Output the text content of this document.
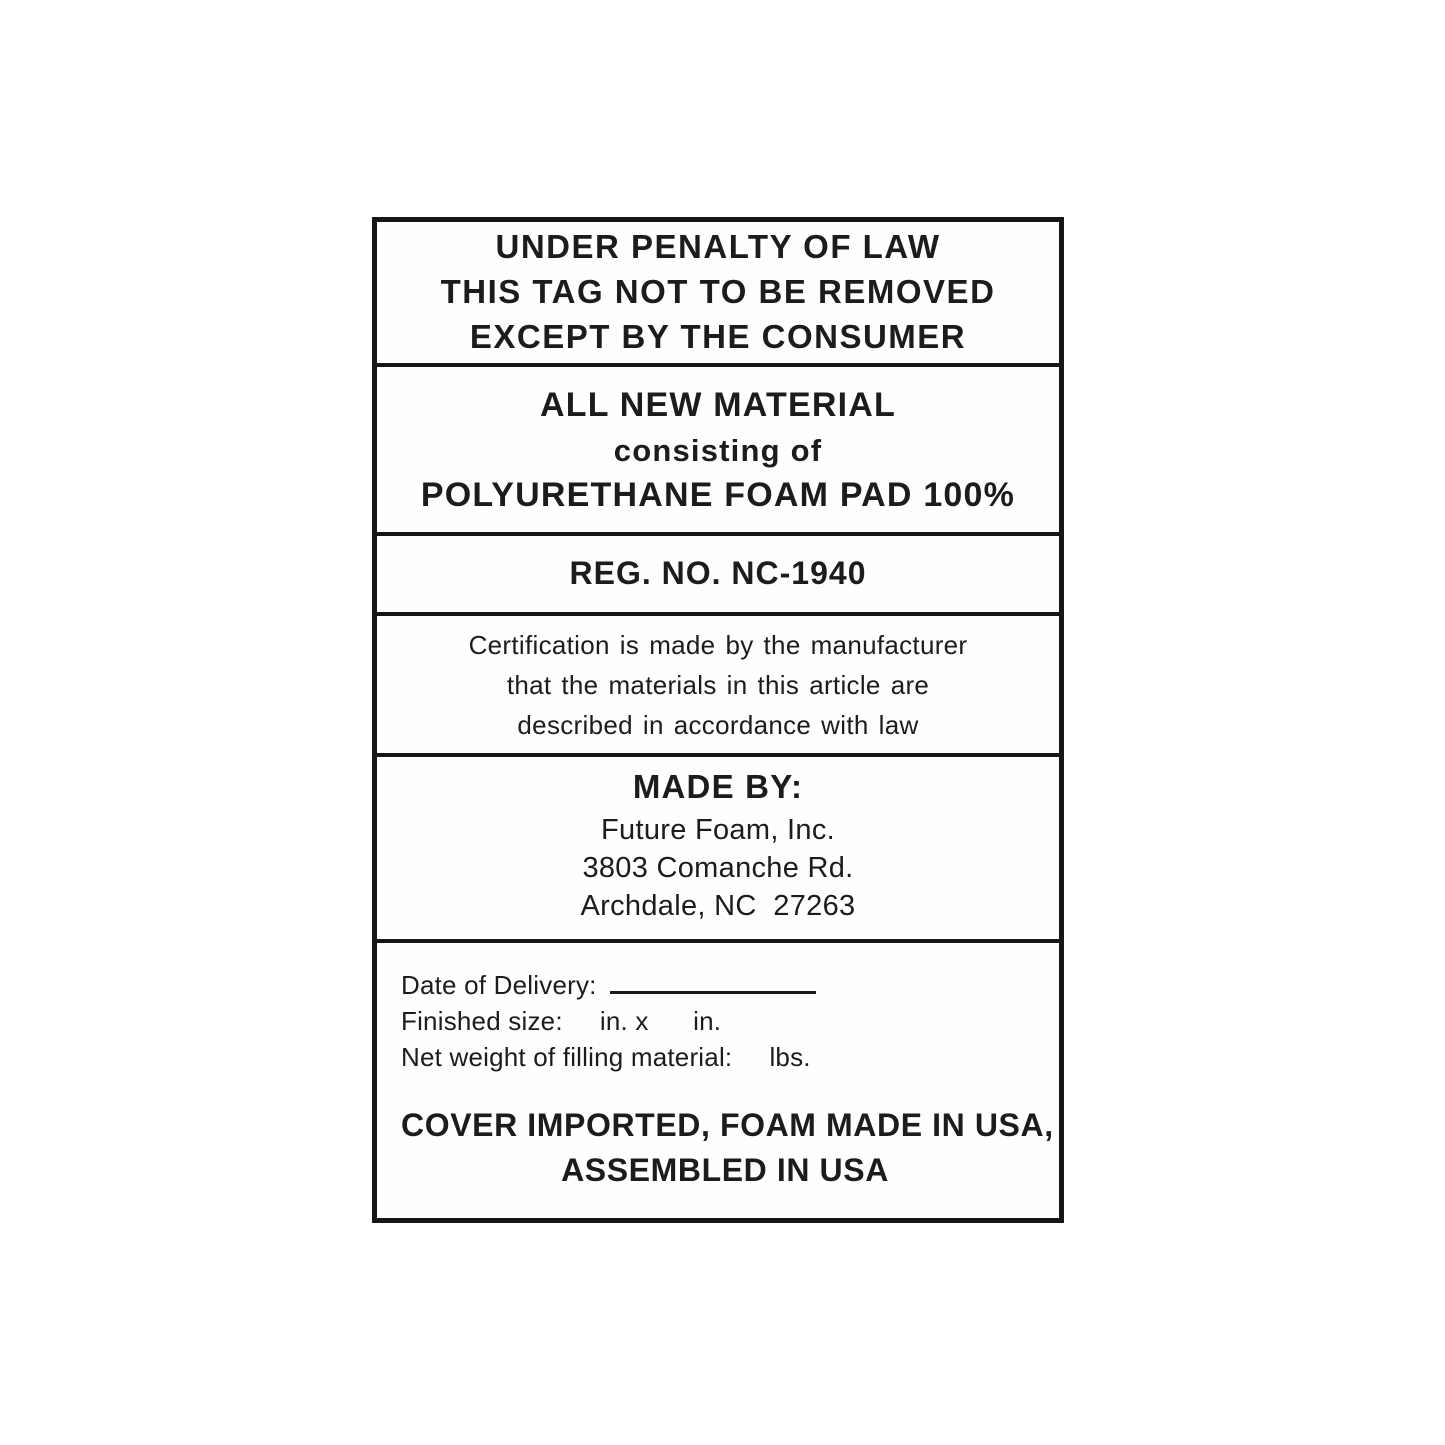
UNDER PENALTY OF LAW
THIS TAG NOT TO BE REMOVED
EXCEPT BY THE CONSUMER
ALL NEW MATERIAL
consisting of
POLYURETHANE FOAM PAD 100%
REG. NO. NC-1940
Certification is made by the manufacturer
that the materials in this article are
described in accordance with law
MADE BY:
Future Foam, Inc.
3803 Comanche Rd.
Archdale, NC  27263
Date of Delivery:
Finished size:     in. x      in.
Net weight of filling material:     lbs.
COVER IMPORTED, FOAM MADE IN USA,
ASSEMBLED IN USA
